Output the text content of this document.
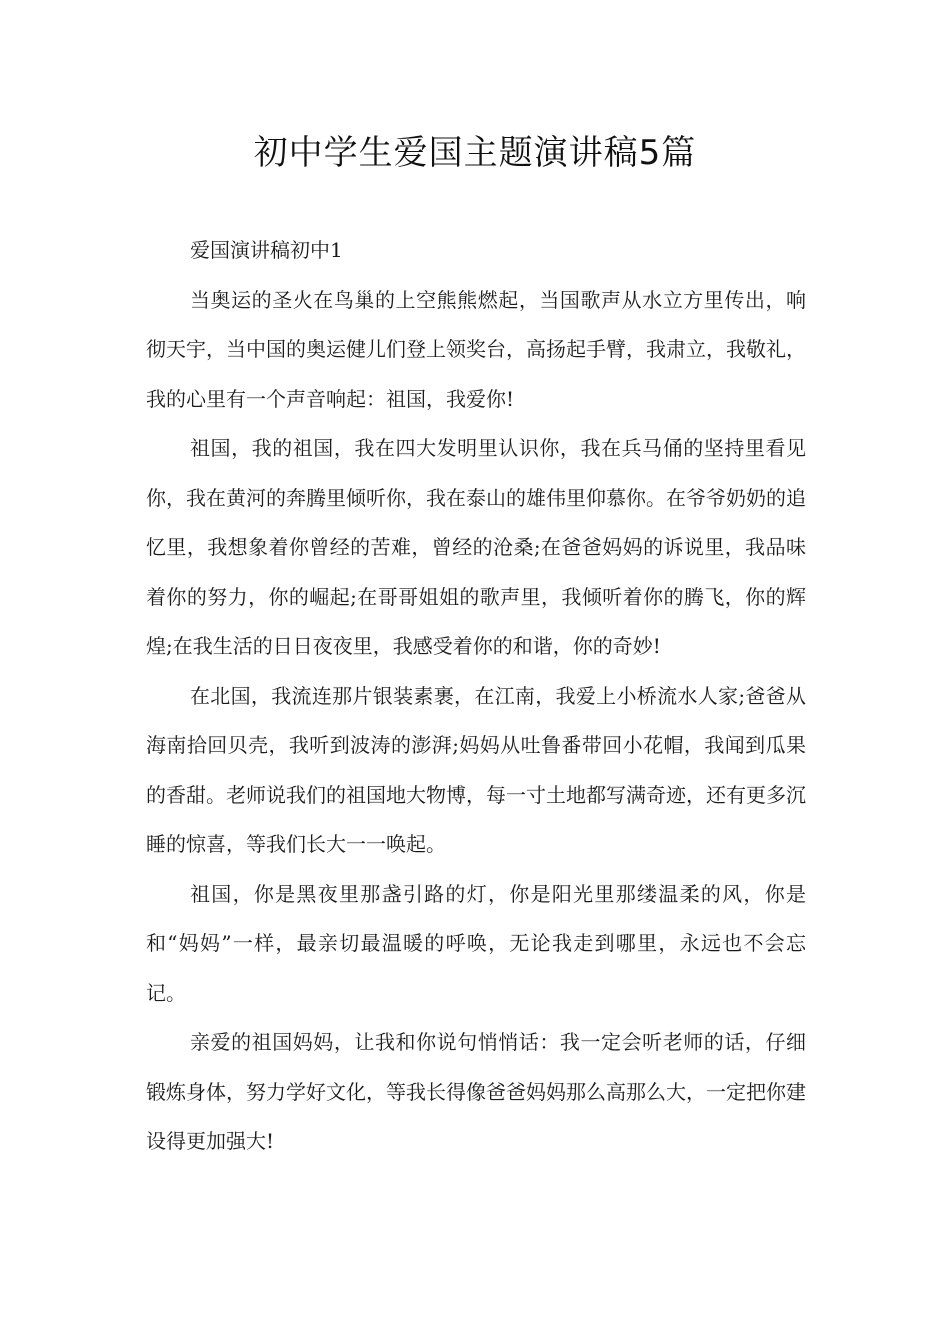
初中学生爱国主题演讲稿5篇

爱国演讲稿初中1

当奥运的圣火在鸟巢的上空熊熊燃起，当国歌声从水立方里传出，响彻天宇，当中国的奥运健儿们登上领奖台，高扬起手臂，我肃立，我敬礼，我的心里有一个声音响起：祖国，我爱你!

祖国，我的祖国，我在四大发明里认识你，我在兵马俑的坚持里看见你，我在黄河的奔腾里倾听你，我在泰山的雄伟里仰慕你。在爷爷奶奶的追忆里，我想象着你曾经的苦难，曾经的沧桑;在爸爸妈妈的诉说里，我品味着你的努力，你的崛起;在哥哥姐姐的歌声里，我倾听着你的腾飞，你的辉煌;在我生活的日日夜夜里，我感受着你的和谐，你的奇妙!

在北国，我流连那片银装素裹，在江南，我爱上小桥流水人家;爸爸从海南拾回贝壳，我听到波涛的澎湃;妈妈从吐鲁番带回小花帽，我闻到瓜果的香甜。老师说我们的祖国地大物博，每一寸土地都写满奇迹，还有更多沉睡的惊喜，等我们长大一一唤起。

祖国，你是黑夜里那盏引路的灯，你是阳光里那缕温柔的风，你是和“妈妈”一样，最亲切最温暖的呼唤，无论我走到哪里，永远也不会忘记。

亲爱的祖国妈妈，让我和你说句悄悄话：我一定会听老师的话，仔细锻炼身体，努力学好文化，等我长得像爸爸妈妈那么高那么大，一定把你建设得更加强大!
